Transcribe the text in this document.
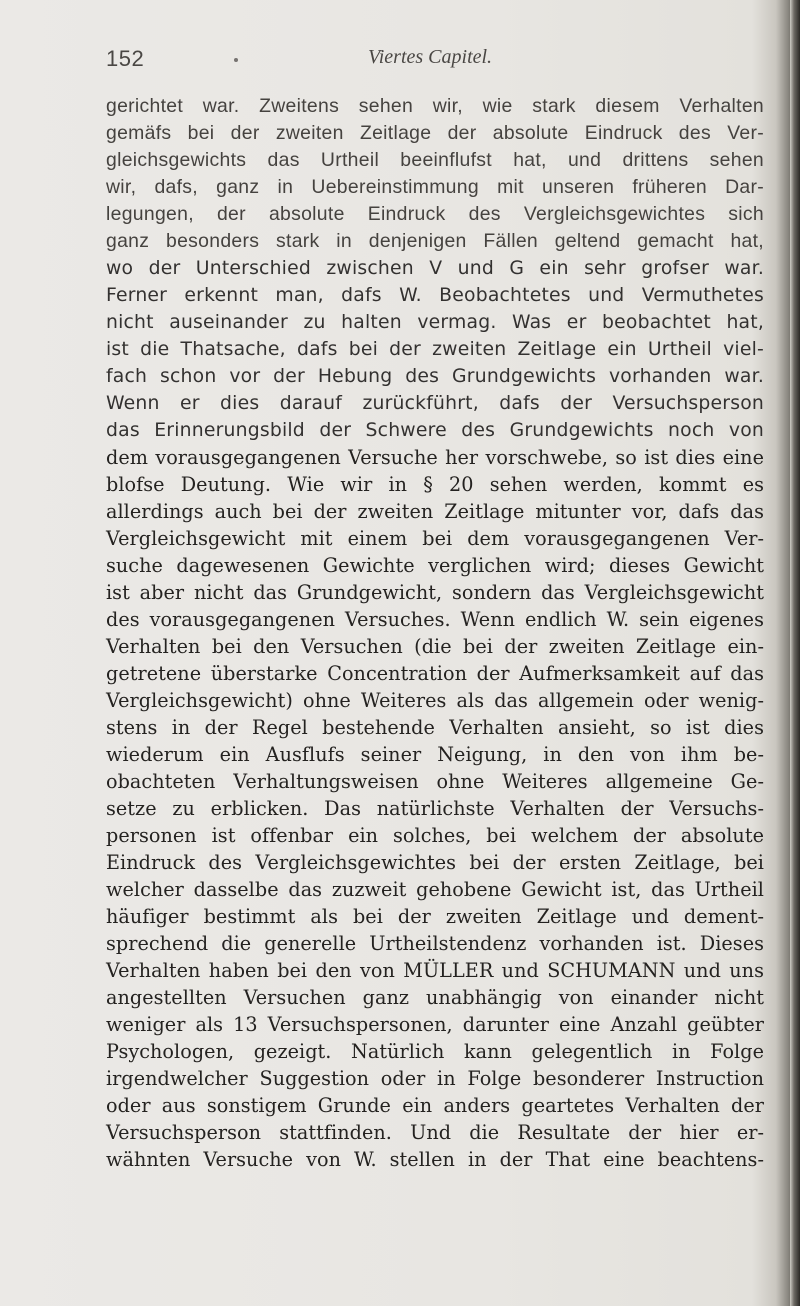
152	Viertes Capitel.
gerichtet war. Zweitens sehen wir, wie stark diesem Verhalten
gemäfs bei der zweiten Zeitlage der absolute Eindruck des Ver-
gleichsgewichts das Urtheil beeinflufst hat, und drittens sehen
wir, dafs, ganz in Uebereinstimmung mit unseren früheren Dar-
legungen, der absolute Eindruck des Vergleichsgewichtes sich
ganz besonders stark in denjenigen Fällen geltend gemacht hat,
wo der Unterschied zwischen V und G ein sehr grofser war.
Ferner erkennt man, dafs W. Beobachtetes und Vermuthetes
nicht auseinander zu halten vermag. Was er beobachtet hat,
ist die Thatsache, dafs bei der zweiten Zeitlage ein Urtheil viel-
fach schon vor der Hebung des Grundgewichts vorhanden war.
Wenn er dies darauf zurückführt, dafs der Versuchsperson
das Erinnerungsbild der Schwere des Grundgewichts noch von
dem vorausgegangenen Versuche her vorschwebe, so ist dies eine
blofse Deutung. Wie wir in § 20 sehen werden, kommt es
allerdings auch bei der zweiten Zeitlage mitunter vor, dafs das
Vergleichsgewicht mit einem bei dem vorausgegangenen Ver-
suche dagewesenen Gewichte verglichen wird; dieses Gewicht
ist aber nicht das Grundgewicht, sondern das Vergleichsgewicht
des vorausgegangenen Versuches. Wenn endlich W. sein eigenes
Verhalten bei den Versuchen (die bei der zweiten Zeitlage ein-
getretene überstarke Concentration der Aufmerksamkeit auf das
Vergleichsgewicht) ohne Weiteres als das allgemein oder wenig-
stens in der Regel bestehende Verhalten ansieht, so ist dies
wiederum ein Ausflufs seiner Neigung, in den von ihm be-
obachteten Verhaltungsweisen ohne Weiteres allgemeine Ge-
setze zu erblicken. Das natürlichste Verhalten der Versuchs-
personen ist offenbar ein solches, bei welchem der absolute
Eindruck des Vergleichsgewichtes bei der ersten Zeitlage, bei
welcher dasselbe das zuzweit gehobene Gewicht ist, das Urtheil
häufiger bestimmt als bei der zweiten Zeitlage und dement-
sprechend die generelle Urtheilstendenz vorhanden ist. Dieses
Verhalten haben bei den von MÜLLER und SCHUMANN und uns
angestellten Versuchen ganz unabhängig von einander nicht
weniger als 13 Versuchspersonen, darunter eine Anzahl geübter
Psychologen, gezeigt. Natürlich kann gelegentlich in Folge
irgendwelcher Suggestion oder in Folge besonderer Instruction
oder aus sonstigem Grunde ein anders geartetes Verhalten der
Versuchsperson stattfinden. Und die Resultate der hier er-
wähnten Versuche von W. stellen in der That eine beachtens-
